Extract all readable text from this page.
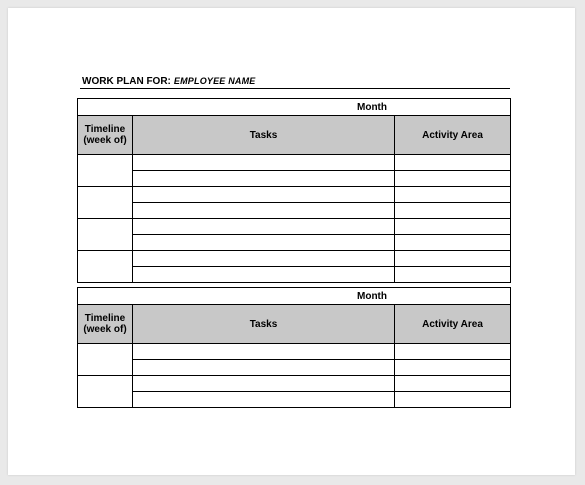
WORK PLAN FOR: EMPLOYEE NAME
Month		
Timeline (week of)	Tasks	Activity Area

Month		
Timeline (week of)	Tasks	Activity Area
